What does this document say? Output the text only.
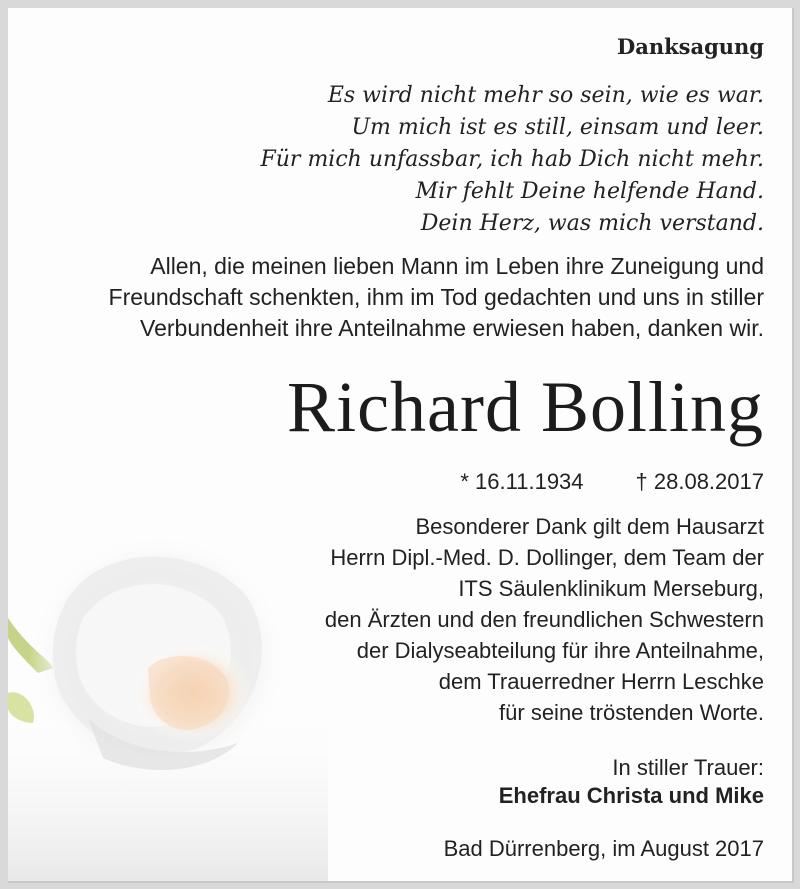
Danksagung
Es wird nicht mehr so sein, wie es war.
Um mich ist es still, einsam und leer.
Für mich unfassbar, ich hab Dich nicht mehr.
Mir fehlt Deine helfende Hand.
Dein Herz, was mich verstand.
Allen, die meinen lieben Mann im Leben ihre Zuneigung und
Freundschaft schenkten, ihm im Tod gedachten und uns in stiller
Verbundenheit ihre Anteilnahme erwiesen haben, danken wir.
Richard Bolling
* 16.11.1934 † 28.08.2017
Besonderer Dank gilt dem Hausarzt
Herrn Dipl.-Med. D. Dollinger, dem Team der
ITS Säulenklinikum Merseburg,
den Ärzten und den freundlichen Schwestern
der Dialyseabteilung für ihre Anteilnahme,
dem Trauerredner Herrn Leschke
für seine tröstenden Worte.
In stiller Trauer:
Ehefrau Christa und Mike
Bad Dürrenberg, im August 2017
